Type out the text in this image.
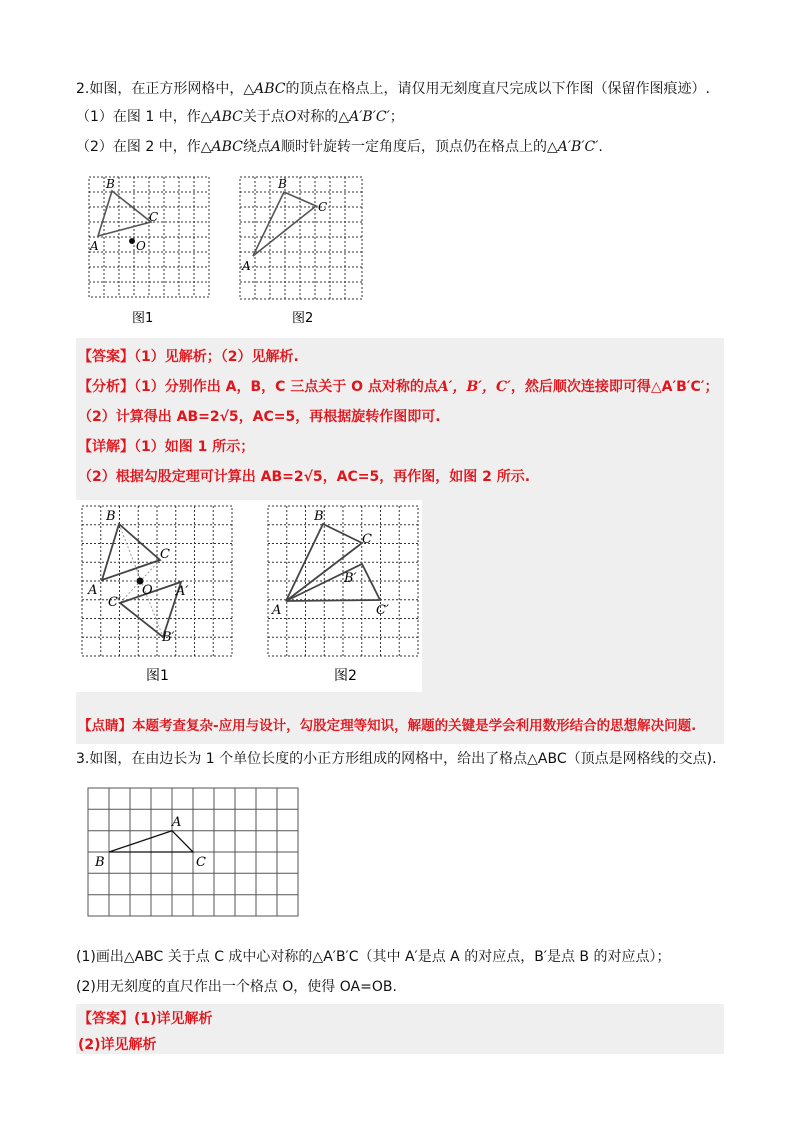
2.如图，在正方形网格中，△ABC的顶点在格点上，请仅用无刻度直尺完成以下作图（保留作图痕迹）.
（1）在图 1 中，作△ABC关于点O对称的△A′B′C′；
（2）在图 2 中，作△ABC绕点A顺时针旋转一定角度后，顶点仍在格点上的△A′B′C′.
B
C
A	O
图1
B
C
A
图2
【答案】（1）见解析；（2）见解析.
【分析】（1）分别作出 A，B，C 三点关于 O 点对称的点A′，B′，C′，然后顺次连接即可得△A′B′C′；
（2）计算得出 AB=2√5，AC=5，再根据旋转作图即可.
【详解】（1）如图 1 所示；
（2）根据勾股定理可计算出 AB=2√5，AC=5，再作图，如图 2 所示.
B
C
A	O A′
C′
B′
图1
B
C
A
B′
C′
图2
【点睛】本题考查复杂-应用与设计，勾股定理等知识，解题的关键是学会利用数形结合的思想解决问题.
3.如图，在由边长为 1 个单位长度的小正方形组成的网格中，给出了格点△ABC（顶点是网格线的交点).
A
B	C
(1)画出△ABC 关于点 C 成中心对称的△A′B′C（其中 A′是点 A 的对应点，B′是点 B 的对应点）；
(2)用无刻度的直尺作出一个格点 O，使得 OA=OB.
【答案】(1)详见解析
(2)详见解析
